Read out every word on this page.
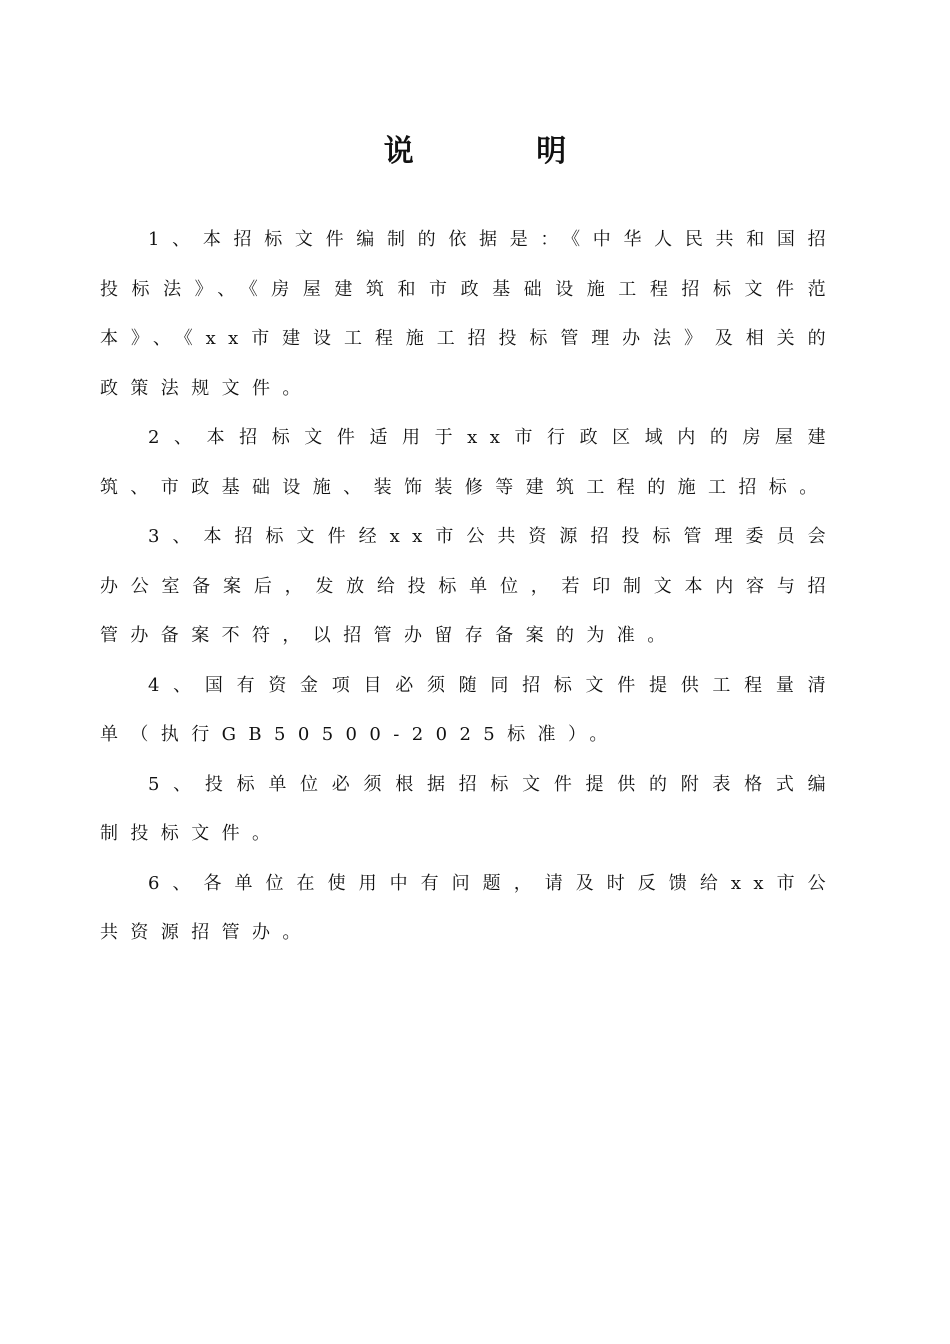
说 明

1、本招标文件编制的依据是：《中华人民共和国招投标法》、《房屋建筑和市政基础设施工程招标文件范本》、《xx市建设工程施工招投标管理办法》及相关的政策法规文件。

2、本招标文件适用于xx市行政区域内的房屋建筑、市政基础设施、装饰装修等建筑工程的施工招标。

3、本招标文件经xx市公共资源招投标管理委员会办公室备案后，发放给投标单位，若印制文本内容与招管办备案不符，以招管办留存备案的为准。

4、国有资金项目必须随同招标文件提供工程量清单（执行GB50500-2025标准）。

5、投标单位必须根据招标文件提供的附表格式编制投标文件。

6、各单位在使用中有问题，请及时反馈给xx市公共资源招管办。
